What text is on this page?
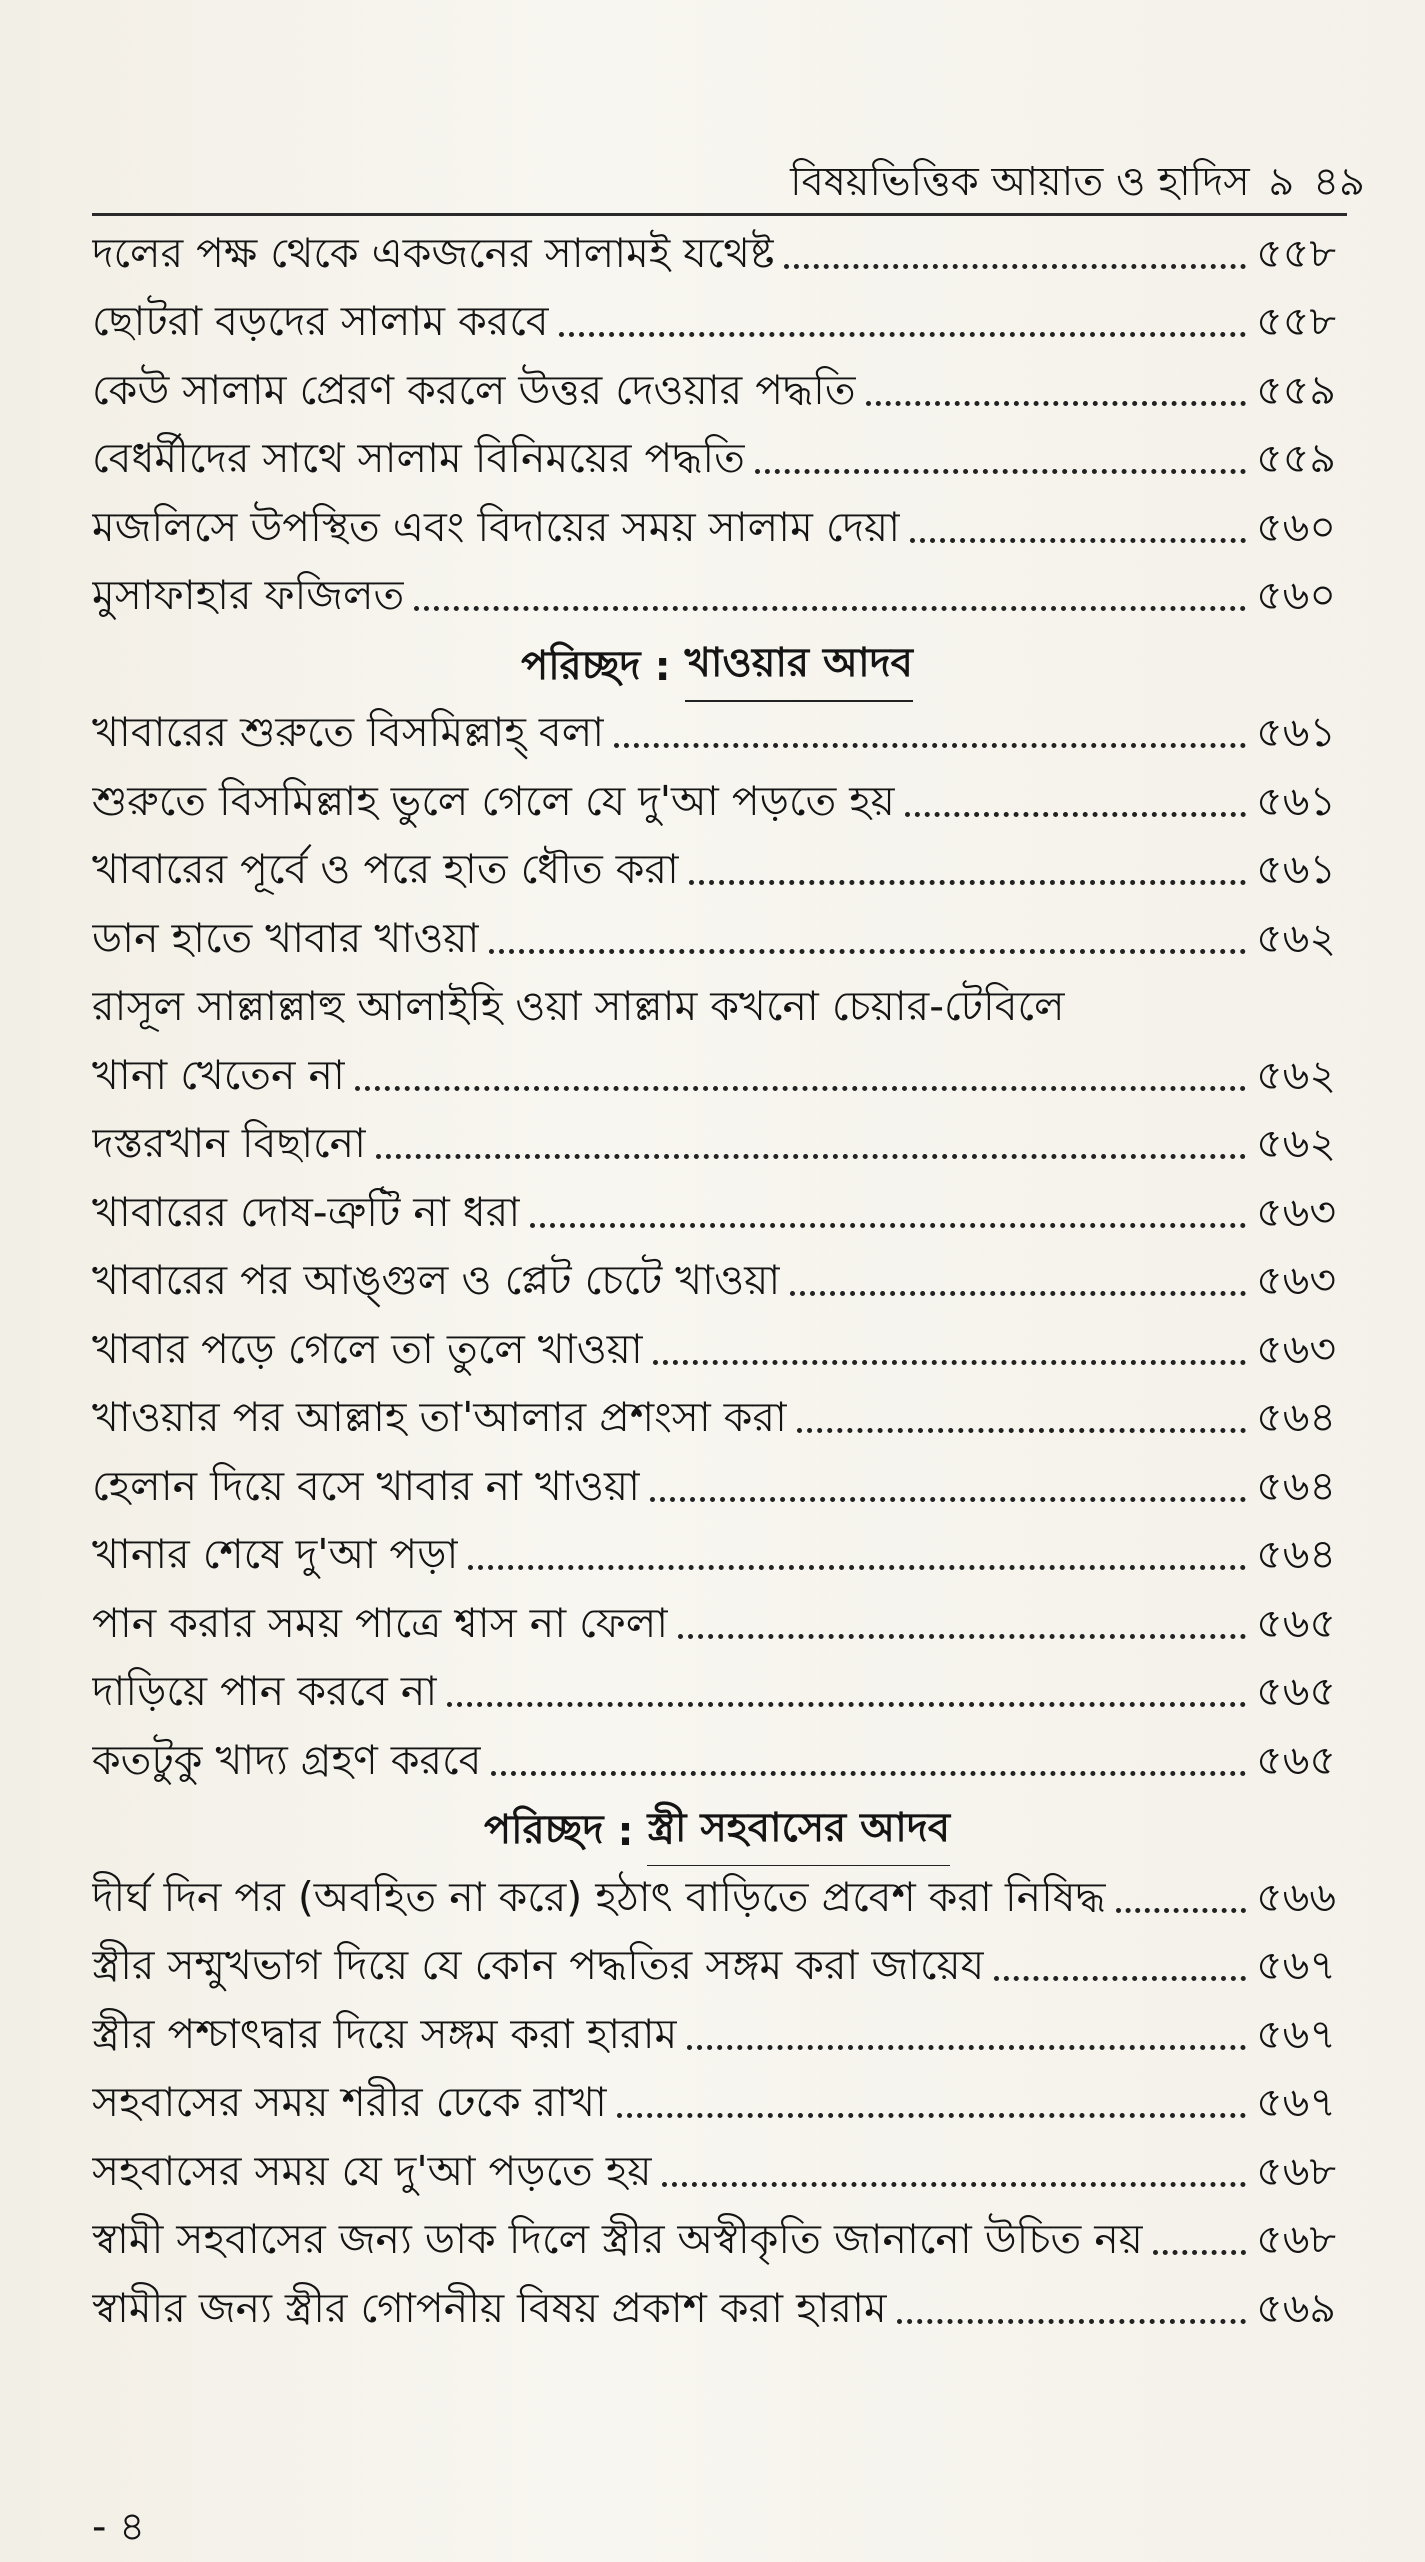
বিষয়ভিত্তিক আয়াত ও হাদিস ৯ ৪৯
দলের পক্ষ থেকে একজনের সালামই যথেষ্ট	৫৫৮
ছোটরা বড়দের সালাম করবে	৫৫৮
কেউ সালাম প্রেরণ করলে উত্তর দেওয়ার পদ্ধতি	৫৫৯
বেধর্মীদের সাথে সালাম বিনিময়ের পদ্ধতি	৫৫৯
মজলিসে উপস্থিত এবং বিদায়ের সময় সালাম দেয়া	৫৬০
মুসাফাহার ফজিলত	৫৬০
পরিচ্ছদ : খাওয়ার আদব
খাবারের শুরুতে বিসমিল্লাহ্ বলা	৫৬১
শুরুতে বিসমিল্লাহ ভুলে গেলে যে দু'আ পড়তে হয়	৫৬১
খাবারের পূর্বে ও পরে হাত ধৌত করা	৫৬১
ডান হাতে খাবার খাওয়া	৫৬২
রাসূল সাল্লাল্লাহু আলাইহি ওয়া সাল্লাম কখনো চেয়ার-টেবিলে
খানা খেতেন না	৫৬২
দস্তরখান বিছানো	৫৬২
খাবারের দোষ-ত্রুটি না ধরা	৫৬৩
খাবারের পর আঙ্গুল ও প্লেট চেটে খাওয়া	৫৬৩
খাবার পড়ে গেলে তা তুলে খাওয়া	৫৬৩
খাওয়ার পর আল্লাহ তা'আলার প্রশংসা করা	৫৬৪
হেলান দিয়ে বসে খাবার না খাওয়া	৫৬৪
খানার শেষে দু'আ পড়া	৫৬৪
পান করার সময় পাত্রে শ্বাস না ফেলা	৫৬৫
দাড়িয়ে পান করবে না	৫৬৫
কতটুকু খাদ্য গ্রহণ করবে	৫৬৫
পরিচ্ছদ : স্ত্রী সহবাসের আদব
দীর্ঘ দিন পর (অবহিত না করে) হঠাৎ বাড়িতে প্রবেশ করা নিষিদ্ধ	৫৬৬
স্ত্রীর সম্মুখভাগ দিয়ে যে কোন পদ্ধতির সঙ্গম করা জায়েয	৫৬৭
স্ত্রীর পশ্চাৎদ্বার দিয়ে সঙ্গম করা হারাম	৫৬৭
সহবাসের সময় শরীর ঢেকে রাখা	৫৬৭
সহবাসের সময় যে দু'আ পড়তে হয়	৫৬৮
স্বামী সহবাসের জন্য ডাক দিলে স্ত্রীর অস্বীকৃতি জানানো উচিত নয়	৫৬৮
স্বামীর জন্য স্ত্রীর গোপনীয় বিষয় প্রকাশ করা হারাম	৫৬৯
- ৪
